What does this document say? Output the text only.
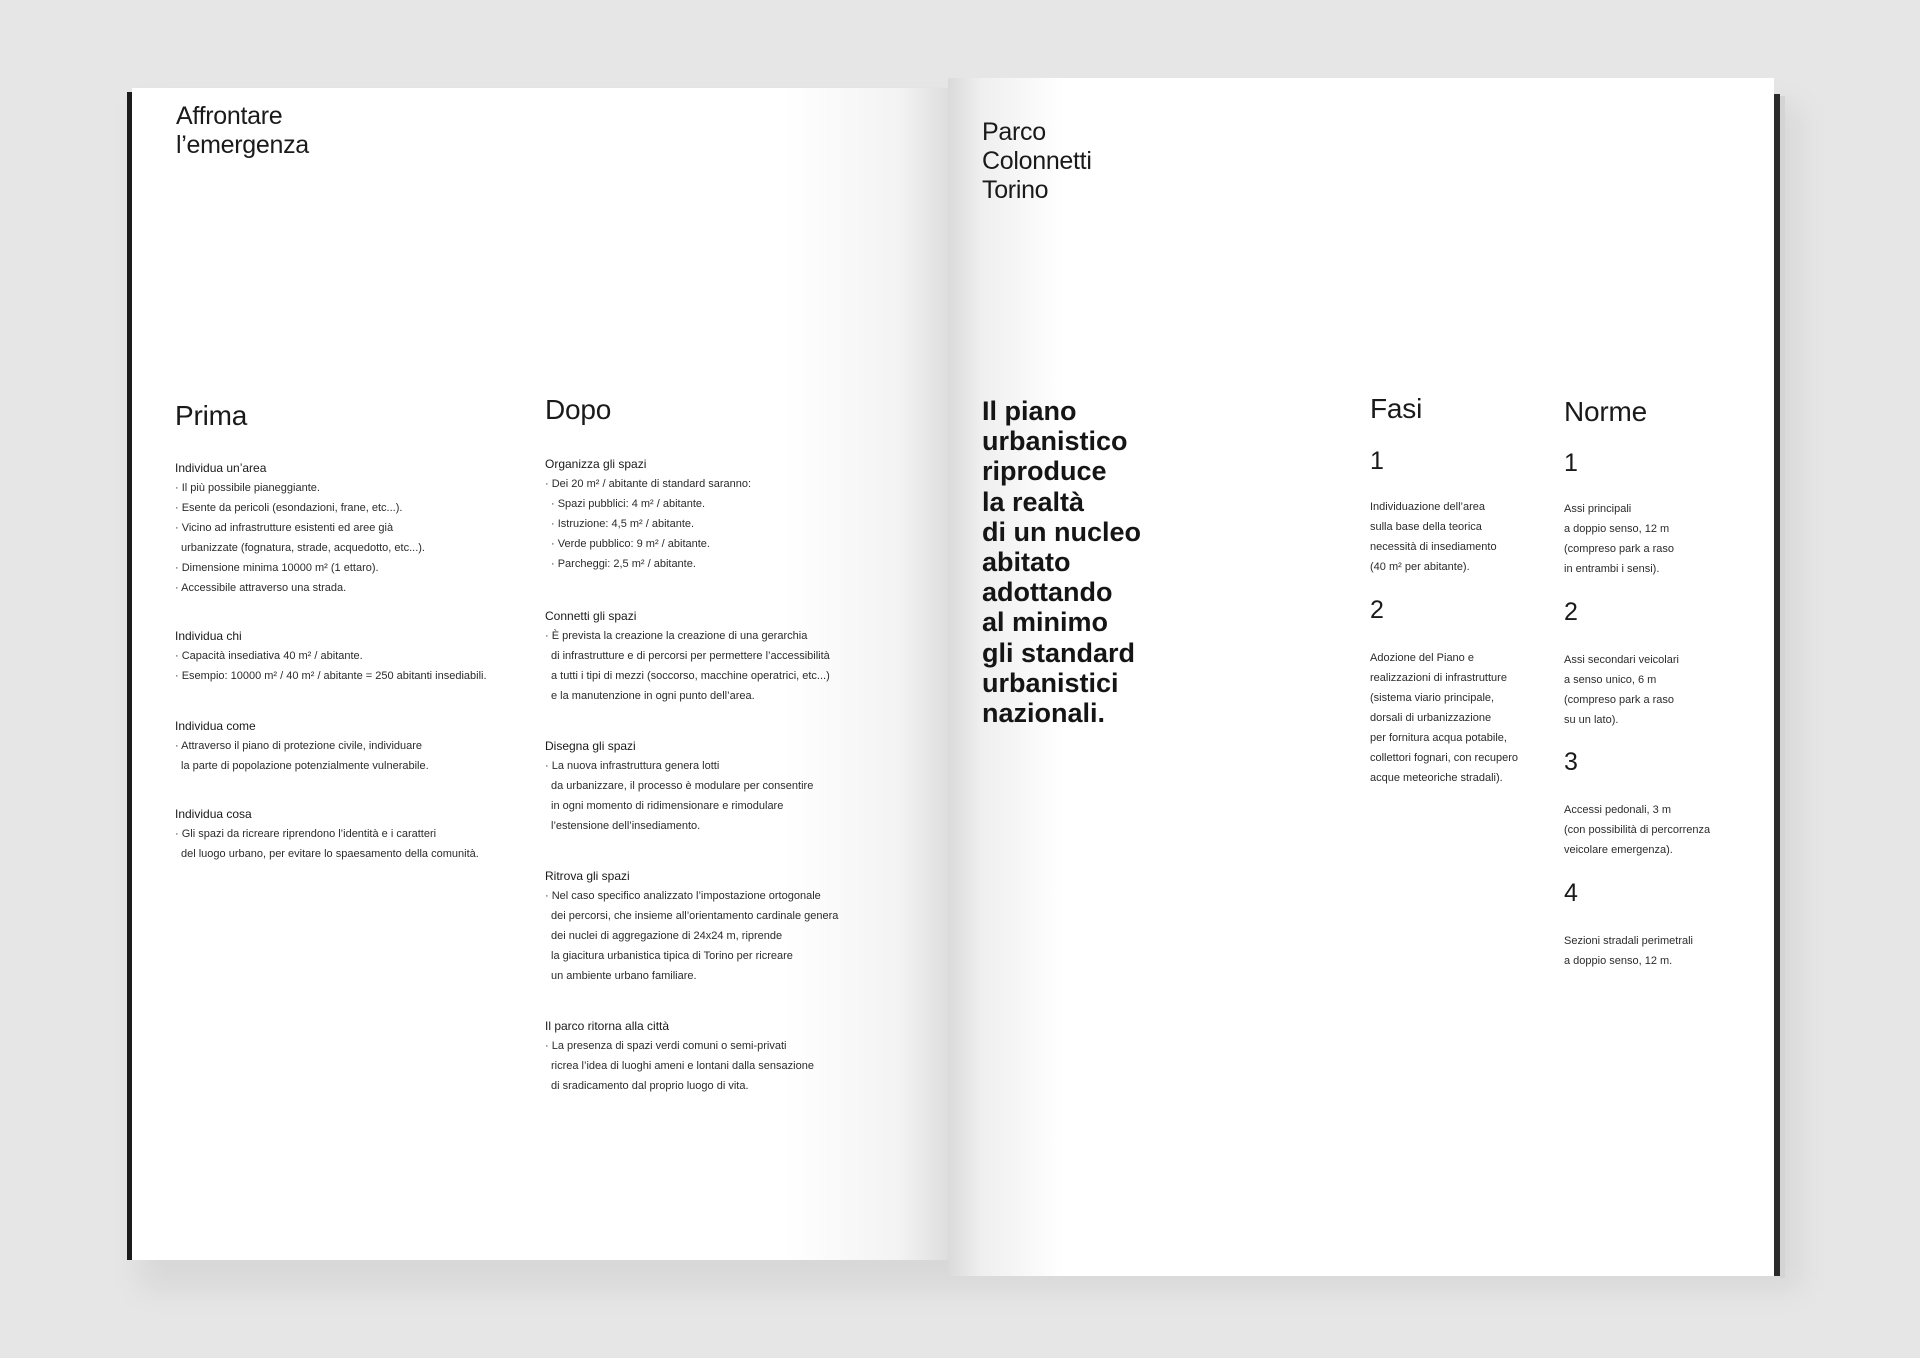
Affrontare
l’emergenza
Prima
Individua un’area
· Il più possibile pianeggiante.
· Esente da pericoli (esondazioni, frane, etc...).
· Vicino ad infrastrutture esistenti ed aree già
urbanizzate (fognatura, strade, acquedotto, etc...).
· Dimensione minima 10000 m² (1 ettaro).
· Accessibile attraverso una strada.
Individua chi
· Capacità insediativa 40 m² / abitante.
· Esempio: 10000 m² / 40 m² / abitante = 250 abitanti insediabili.
Individua come
· Attraverso il piano di protezione civile, individuare
la parte di popolazione potenzialmente vulnerabile.
Individua cosa
· Gli spazi da ricreare riprendono l’identità e i caratteri
del luogo urbano, per evitare lo spaesamento della comunità.
Dopo
Organizza gli spazi
· Dei 20 m² / abitante di standard saranno:
· Spazi pubblici: 4 m² / abitante.
· Istruzione: 4,5 m² / abitante.
· Verde pubblico: 9 m² / abitante.
· Parcheggi: 2,5 m² / abitante.
Connetti gli spazi
· È prevista la creazione la creazione di una gerarchia
di infrastrutture e di percorsi per permettere l’accessibilità
a tutti i tipi di mezzi (soccorso, macchine operatrici, etc...)
e la manutenzione in ogni punto dell’area.
Disegna gli spazi
· La nuova infrastruttura genera lotti
da urbanizzare, il processo è modulare per consentire
in ogni momento di ridimensionare e rimodulare
l’estensione dell’insediamento.
Ritrova gli spazi
· Nel caso specifico analizzato l’impostazione ortogonale
dei percorsi, che insieme all’orientamento cardinale genera
dei nuclei di aggregazione di 24x24 m, riprende
la giacitura urbanistica tipica di Torino per ricreare
un ambiente urbano familiare.
Il parco ritorna alla città
· La presenza di spazi verdi comuni o semi-privati
ricrea l’idea di luoghi ameni e lontani dalla sensazione
di sradicamento dal proprio luogo di vita.
Parco
Colonnetti
Torino
Il piano
urbanistico
riproduce
la realtà
di un nucleo
abitato
adottando
al minimo
gli standard
urbanistici
nazionali.
Fasi
1
Individuazione dell’area
sulla base della teorica
necessità di insediamento
(40 m² per abitante).
2
Adozione del Piano e
realizzazioni di infrastrutture
(sistema viario principale,
dorsali di urbanizzazione
per fornitura acqua potabile,
collettori fognari, con recupero
acque meteoriche stradali).
Norme
1
Assi principali
a doppio senso, 12 m
(compreso park a raso
in entrambi i sensi).
2
Assi secondari veicolari
a senso unico, 6 m
(compreso park a raso
su un lato).
3
Accessi pedonali, 3 m
(con possibilità di percorrenza
veicolare emergenza).
4
Sezioni stradali perimetrali
a doppio senso, 12 m.
